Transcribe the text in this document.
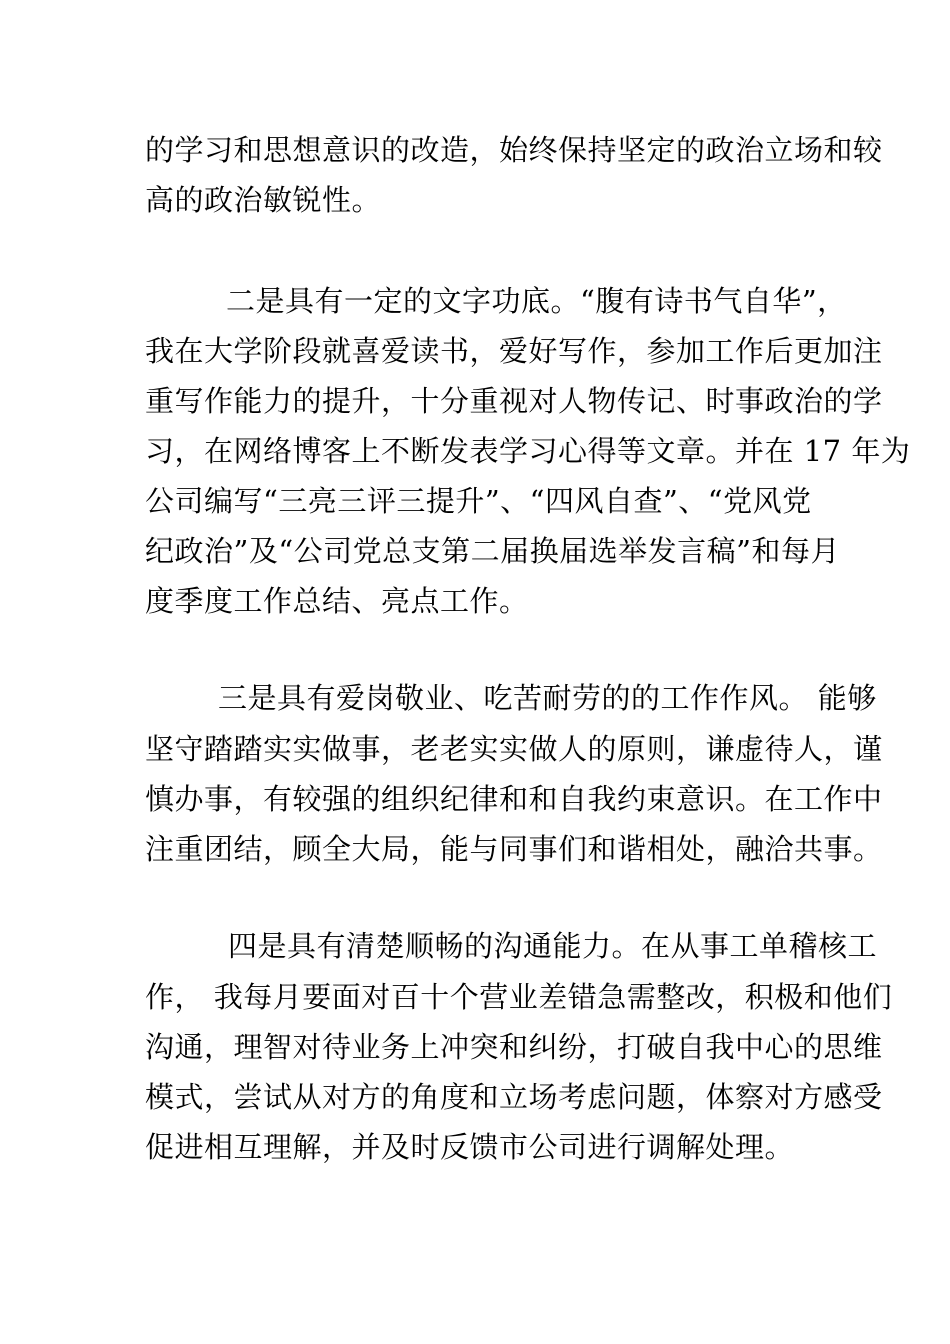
的学习和思想意识的改造，始终保持坚定的政治立场和较
高的政治敏锐性。
二是具有一定的文字功底。“腹有诗书气自华”，
我在大学阶段就喜爱读书，爱好写作，参加工作后更加注
重写作能力的提升，十分重视对人物传记、时事政治的学
习，在网络博客上不断发表学习心得等文章。并在 17 年为
公司编写“三亮三评三提升”、“四风自查”、“党风党
纪政治”及“公司党总支第二届换届选举发言稿”和每月
度季度工作总结、亮点工作。
三是具有爱岗敬业、吃苦耐劳的的工作作风。 能够
坚守踏踏实实做事，老老实实做人的原则，谦虚待人，谨
慎办事，有较强的组织纪律和和自我约束意识。在工作中
注重团结，顾全大局，能与同事们和谐相处，融洽共事。
四是具有清楚顺畅的沟通能力。在从事工单稽核工
作， 我每月要面对百十个营业差错急需整改，积极和他们
沟通，理智对待业务上冲突和纠纷，打破自我中心的思维
模式，尝试从对方的角度和立场考虑问题，体察对方感受
促进相互理解，并及时反馈市公司进行调解处理。
